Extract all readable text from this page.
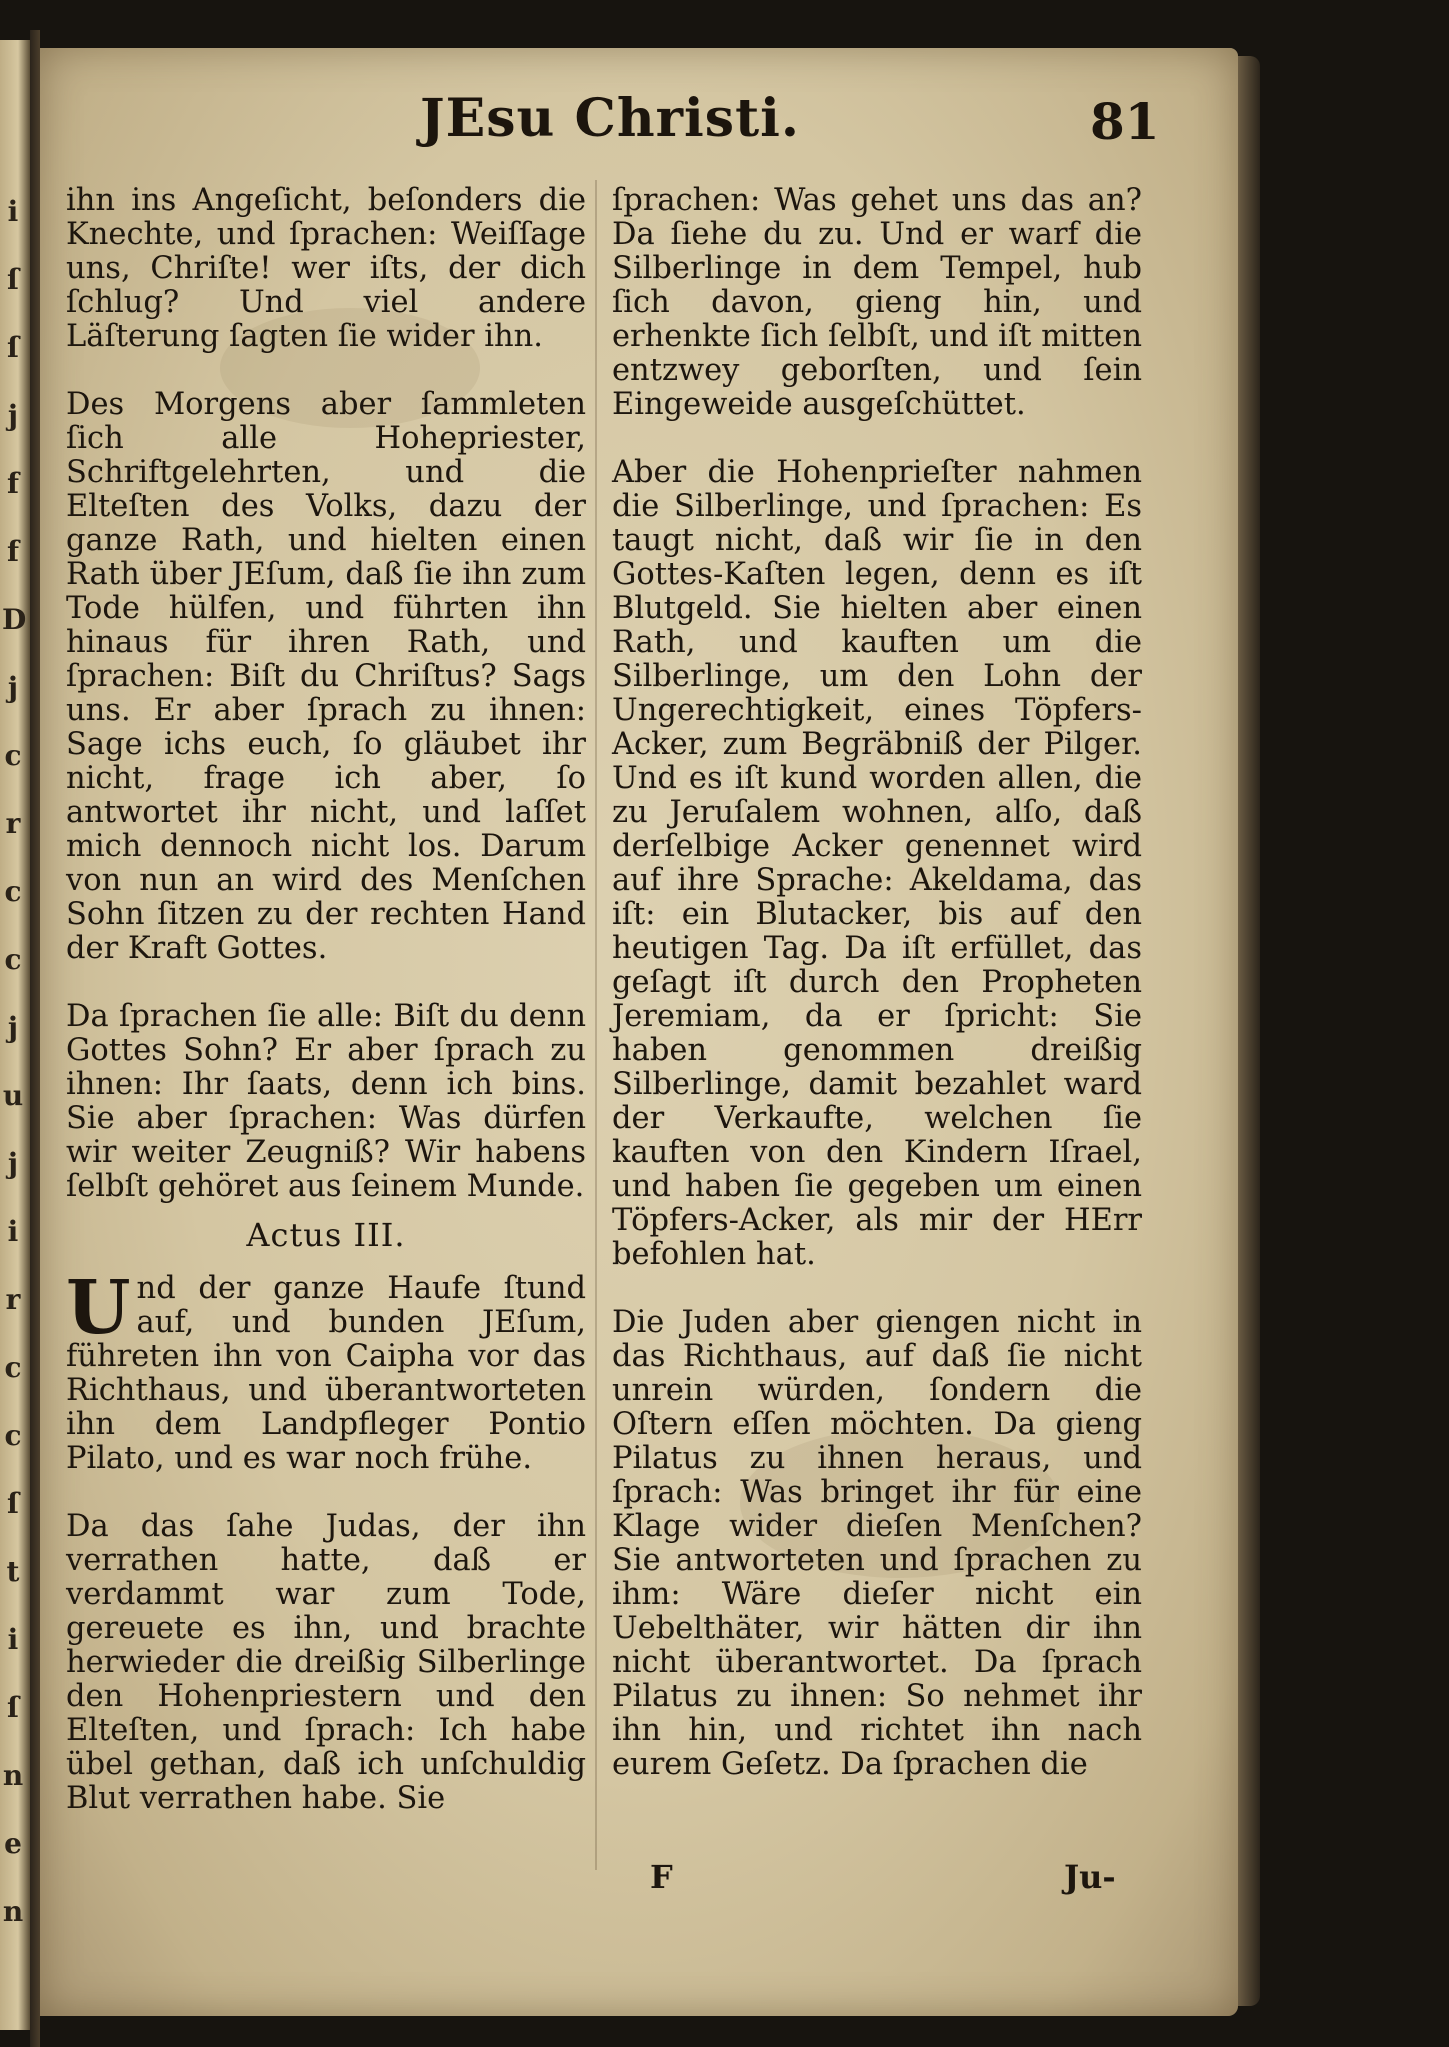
i
ſ
ſ
j
f
f
D
j
c
r
c
c
j
u
j
i
r
c
c
ſ
t
i
ſ
n
e
n
JEsu Christi.	81

ihn ins Angeſicht, beſonders die Knechte, und ſprachen: Weiſſage uns, Chriſte! wer iſts, der dich ſchlug? Und viel andere Läſterung ſagten ſie wider ihn.

Des Morgens aber ſammleten ſich alle Hohepriester, Schriftgelehrten, und die Elteſten des Volks, dazu der ganze Rath, und hielten einen Rath über JEſum, daß ſie ihn zum Tode hülfen, und führten ihn hinaus für ihren Rath, und ſprachen: Biſt du Chriſtus? Sags uns. Er aber ſprach zu ihnen: Sage ichs euch, ſo gläubet ihr nicht, frage ich aber, ſo antwortet ihr nicht, und laſſet mich dennoch nicht los. Darum von nun an wird des Menſchen Sohn ſitzen zu der rechten Hand der Kraft Gottes.

Da ſprachen ſie alle: Biſt du denn Gottes Sohn? Er aber ſprach zu ihnen: Ihr ſaats, denn ich bins. Sie aber ſprachen: Was dürfen wir weiter Zeugniß? Wir habens ſelbſt gehöret aus ſeinem Munde.

Actus III.

Und der ganze Haufe ſtund auf, und bunden JEſum, führeten ihn von Caipha vor das Richthaus, und überantworteten ihn dem Landpfleger Pontio Pilato, und es war noch frühe.

Da das ſahe Judas, der ihn verrathen hatte, daß er verdammt war zum Tode, gereuete es ihn, und brachte herwieder die dreißig Silberlinge den Hohenpriestern und den Elteſten, und ſprach: Ich habe übel gethan, daß ich unſchuldig Blut verrathen habe. Sie

ſprachen: Was gehet uns das an? Da ſiehe du zu. Und er warf die Silberlinge in dem Tempel, hub ſich davon, gieng hin, und erhenkte ſich ſelbſt, und iſt mitten entzwey geborſten, und ſein Eingeweide ausgeſchüttet.

Aber die Hohenprieſter nahmen die Silberlinge, und ſprachen: Es taugt nicht, daß wir ſie in den Gottes-Kaſten legen, denn es iſt Blutgeld. Sie hielten aber einen Rath, und kauften um die Silberlinge, um den Lohn der Ungerechtigkeit, eines Töpfers-Acker, zum Begräbniß der Pilger. Und es iſt kund worden allen, die zu Jeruſalem wohnen, alſo, daß derſelbige Acker genennet wird auf ihre Sprache: Akeldama, das iſt: ein Blutacker, bis auf den heutigen Tag. Da iſt erfüllet, das geſagt iſt durch den Propheten Jeremiam, da er ſpricht: Sie haben genommen dreißig Silberlinge, damit bezahlet ward der Verkaufte, welchen ſie kauften von den Kindern Iſrael, und haben ſie gegeben um einen Töpfers-Acker, als mir der HErr befohlen hat.

Die Juden aber giengen nicht in das Richthaus, auf daß ſie nicht unrein würden, ſondern die Oſtern eſſen möchten. Da gieng Pilatus zu ihnen heraus, und ſprach: Was bringet ihr für eine Klage wider dieſen Menſchen? Sie antworteten und ſprachen zu ihm: Wäre dieſer nicht ein Uebelthäter, wir hätten dir ihn nicht überantwortet. Da ſprach Pilatus zu ihnen: So nehmet ihr ihn hin, und richtet ihn nach eurem Geſetz. Da ſprachen die

F	Ju-
